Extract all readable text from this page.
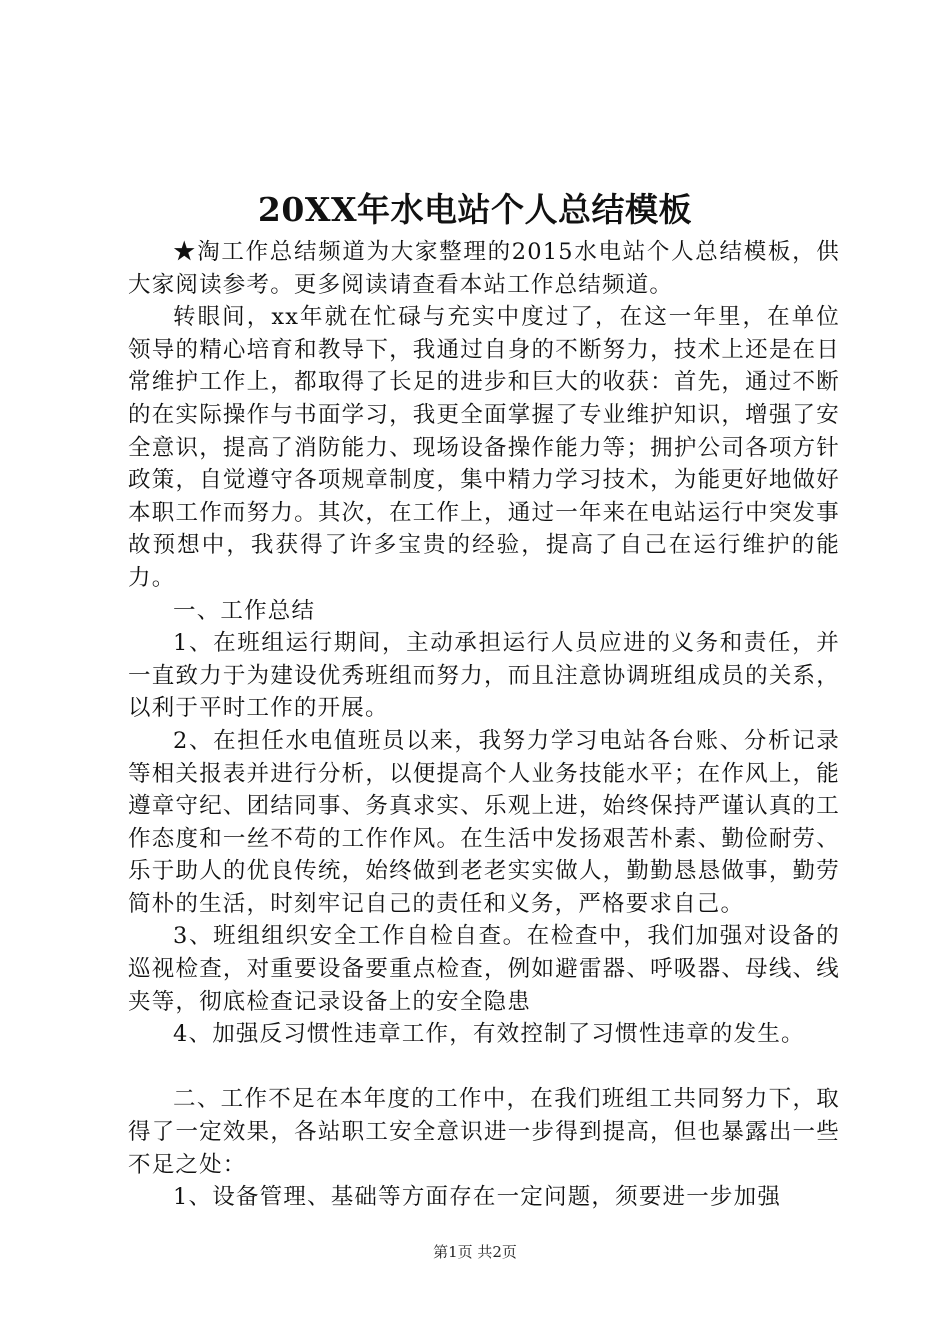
20XX年水电站个人总结模板

★淘工作总结频道为大家整理的2015水电站个人总结模板，供大家阅读参考。更多阅读请查看本站工作总结频道。

转眼间，xx年就在忙碌与充实中度过了，在这一年里，在单位领导的精心培育和教导下，我通过自身的不断努力，技术上还是在日常维护工作上，都取得了长足的进步和巨大的收获：首先，通过不断的在实际操作与书面学习，我更全面掌握了专业维护知识，增强了安全意识，提高了消防能力、现场设备操作能力等；拥护公司各项方针政策，自觉遵守各项规章制度，集中精力学习技术，为能更好地做好本职工作而努力。其次，在工作上，通过一年来在电站运行中突发事故预想中，我获得了许多宝贵的经验，提高了自己在运行维护的能力。

一、工作总结

1、在班组运行期间，主动承担运行人员应进的义务和责任，并一直致力于为建设优秀班组而努力，而且注意协调班组成员的关系，以利于平时工作的开展。

2、在担任水电值班员以来，我努力学习电站各台账、分析记录等相关报表并进行分析，以便提高个人业务技能水平；在作风上，能遵章守纪、团结同事、务真求实、乐观上进，始终保持严谨认真的工作态度和一丝不苟的工作作风。在生活中发扬艰苦朴素、勤俭耐劳、乐于助人的优良传统，始终做到老老实实做人，勤勤恳恳做事，勤劳简朴的生活，时刻牢记自己的责任和义务，严格要求自己。

3、班组组织安全工作自检自查。在检查中，我们加强对设备的巡视检查，对重要设备要重点检查，例如避雷器、呼吸器、母线、线夹等，彻底检查记录设备上的安全隐患

4、加强反习惯性违章工作，有效控制了习惯性违章的发生。

二、工作不足在本年度的工作中，在我们班组工共同努力下，取得了一定效果，各站职工安全意识进一步得到提高，但也暴露出一些不足之处：

1、设备管理、基础等方面存在一定问题，须要进一步加强

第1页 共2页
